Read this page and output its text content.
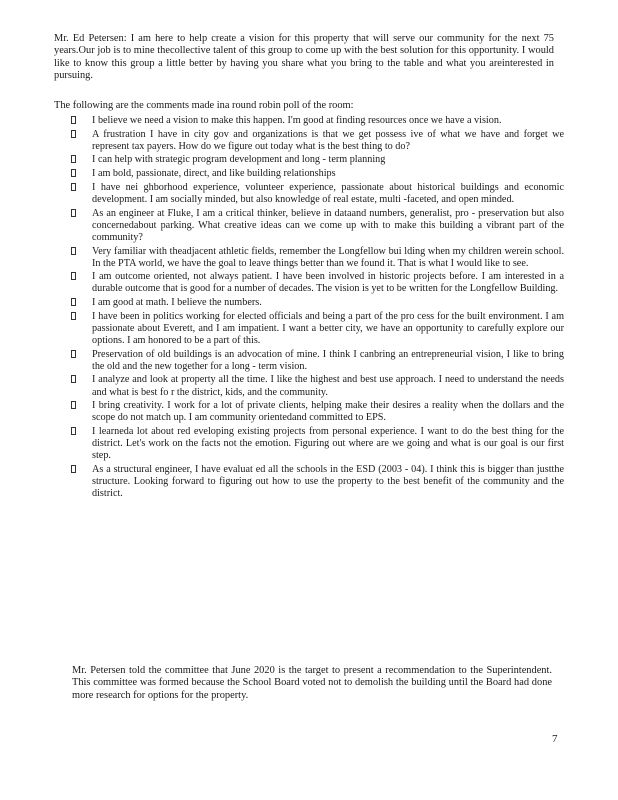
Mr. Ed Petersen: I am here to help create a vision for this property that will serve our community for the next 75 years.Our job is to mine thecollective talent of this group to come up with the best solution for this opportunity. I would like to know this group a little better by having you share what you bring to the table and what you areinterested in pursuing.

The following are the comments made ina round robin poll of the room:

I believe we need a vision to make this happen. I'm good at finding resources once we have a vision.
A frustration I have in city gov and organizations is that we get possess ive of what we have and forget we represent tax payers. How do we figure out today what is the best thing to do?
I can help with strategic program development and long - term planning
I am bold, passionate, direct, and like building relationships
I have nei ghborhood experience, volunteer experience, passionate about historical buildings and economic development. I am socially minded, but also knowledge of real estate, multi -faceted, and open minded.
As an engineer at Fluke, I am a critical thinker, believe in dataand numbers, generalist, pro - preservation but also concernedabout parking. What creative ideas can we come up with to make this building a vibrant part of the community?
Very familiar with theadjacent athletic fields, remember the Longfellow bui lding when my children werein school. In the PTA world, we have the goal to leave things better than we found it. That is what I would like to see.
I am outcome oriented, not always patient. I have been involved in historic projects before. I am interested in a durable outcome that is good for a number of decades. The vision is yet to be written for the Longfellow Building.
I am good at math. I believe the numbers.
I have been in politics working for elected officials and being a part of the pro cess for the built environment. I am passionate about Everett, and I am impatient. I want a better city, we have an opportunity to carefully explore our options. I am honored to be a part of this.
Preservation of old buildings is an advocation of mine. I think I canbring an entrepreneurial vision, I like to bring the old and the new together for a long - term vision.
I analyze and look at property all the time. I like the highest and best use approach. I need to understand the needs and what is best fo r the district, kids, and the community.
I bring creativity. I work for a lot of private clients, helping make their desires a reality when the dollars and the scope do not match up. I am community orientedand committed to EPS.
I learneda lot about red eveloping existing projects from personal experience. I want to do the best thing for the district. Let's work on the facts not the emotion. Figuring out where are we going and what is our goal is our first step.
As a structural engineer, I have evaluat ed all the schools in the ESD (2003 - 04). I think this is bigger than justthe structure. Looking forward to figuring out how to use the property to the best benefit of the community and the district.

Mr. Petersen told the committee that June 2020 is the target to present a recommendation to the Superintendent. This committee was formed because the School Board voted not to demolish the building until the Board had done more research for options for the property.

7
